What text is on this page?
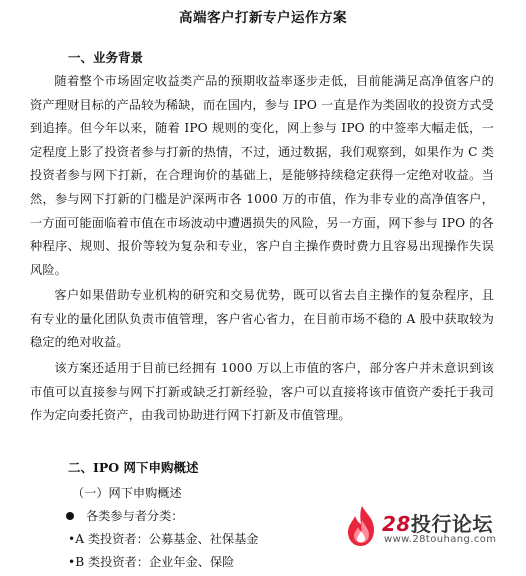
高端客户打新专户运作方案
一、业务背景

随着整个市场固定收益类产品的预期收益率逐步走低，目前能满足高净值客户的资产理财目标的产品较为稀缺，而在国内，参与 IPO 一直是作为类固收的投资方式受到追捧。但今年以来，随着 IPO 规则的变化，网上参与 IPO 的中签率大幅走低，一定程度上影了投资者参与打新的热情，不过，通过数据，我们观察到，如果作为 C 类投资者参与网下打新，在合理询价的基础上，是能够持续稳定获得一定绝对收益。当然，参与网下打新的门槛是沪深两市各 1000 万的市值，作为非专业的高净值客户，一方面可能面临着市值在市场波动中遭遇损失的风险，另一方面，网下参与 IPO 的各种程序、规则、报价等较为复杂和专业，客户自主操作费时费力且容易出现操作失误风险。

客户如果借助专业机构的研究和交易优势，既可以省去自主操作的复杂程序，且有专业的量化团队负责市值管理，客户省心省力，在目前市场不稳的 A 股中获取较为稳定的绝对收益。

该方案还适用于目前已经拥有 1000 万以上市值的客户，部分客户并未意识到该市值可以直接参与网下打新或缺乏打新经验，客户可以直接将该市值资产委托于我司作为定向委托资产，由我司协助进行网下打新及市值管理。

二、IPO 网下申购概述
（一）网下申购概述
各类参与者分类：
•A 类投资者：公募基金、社保基金
•B 类投资者：企业年金、保险
28投行论坛
www.28touhang.com
